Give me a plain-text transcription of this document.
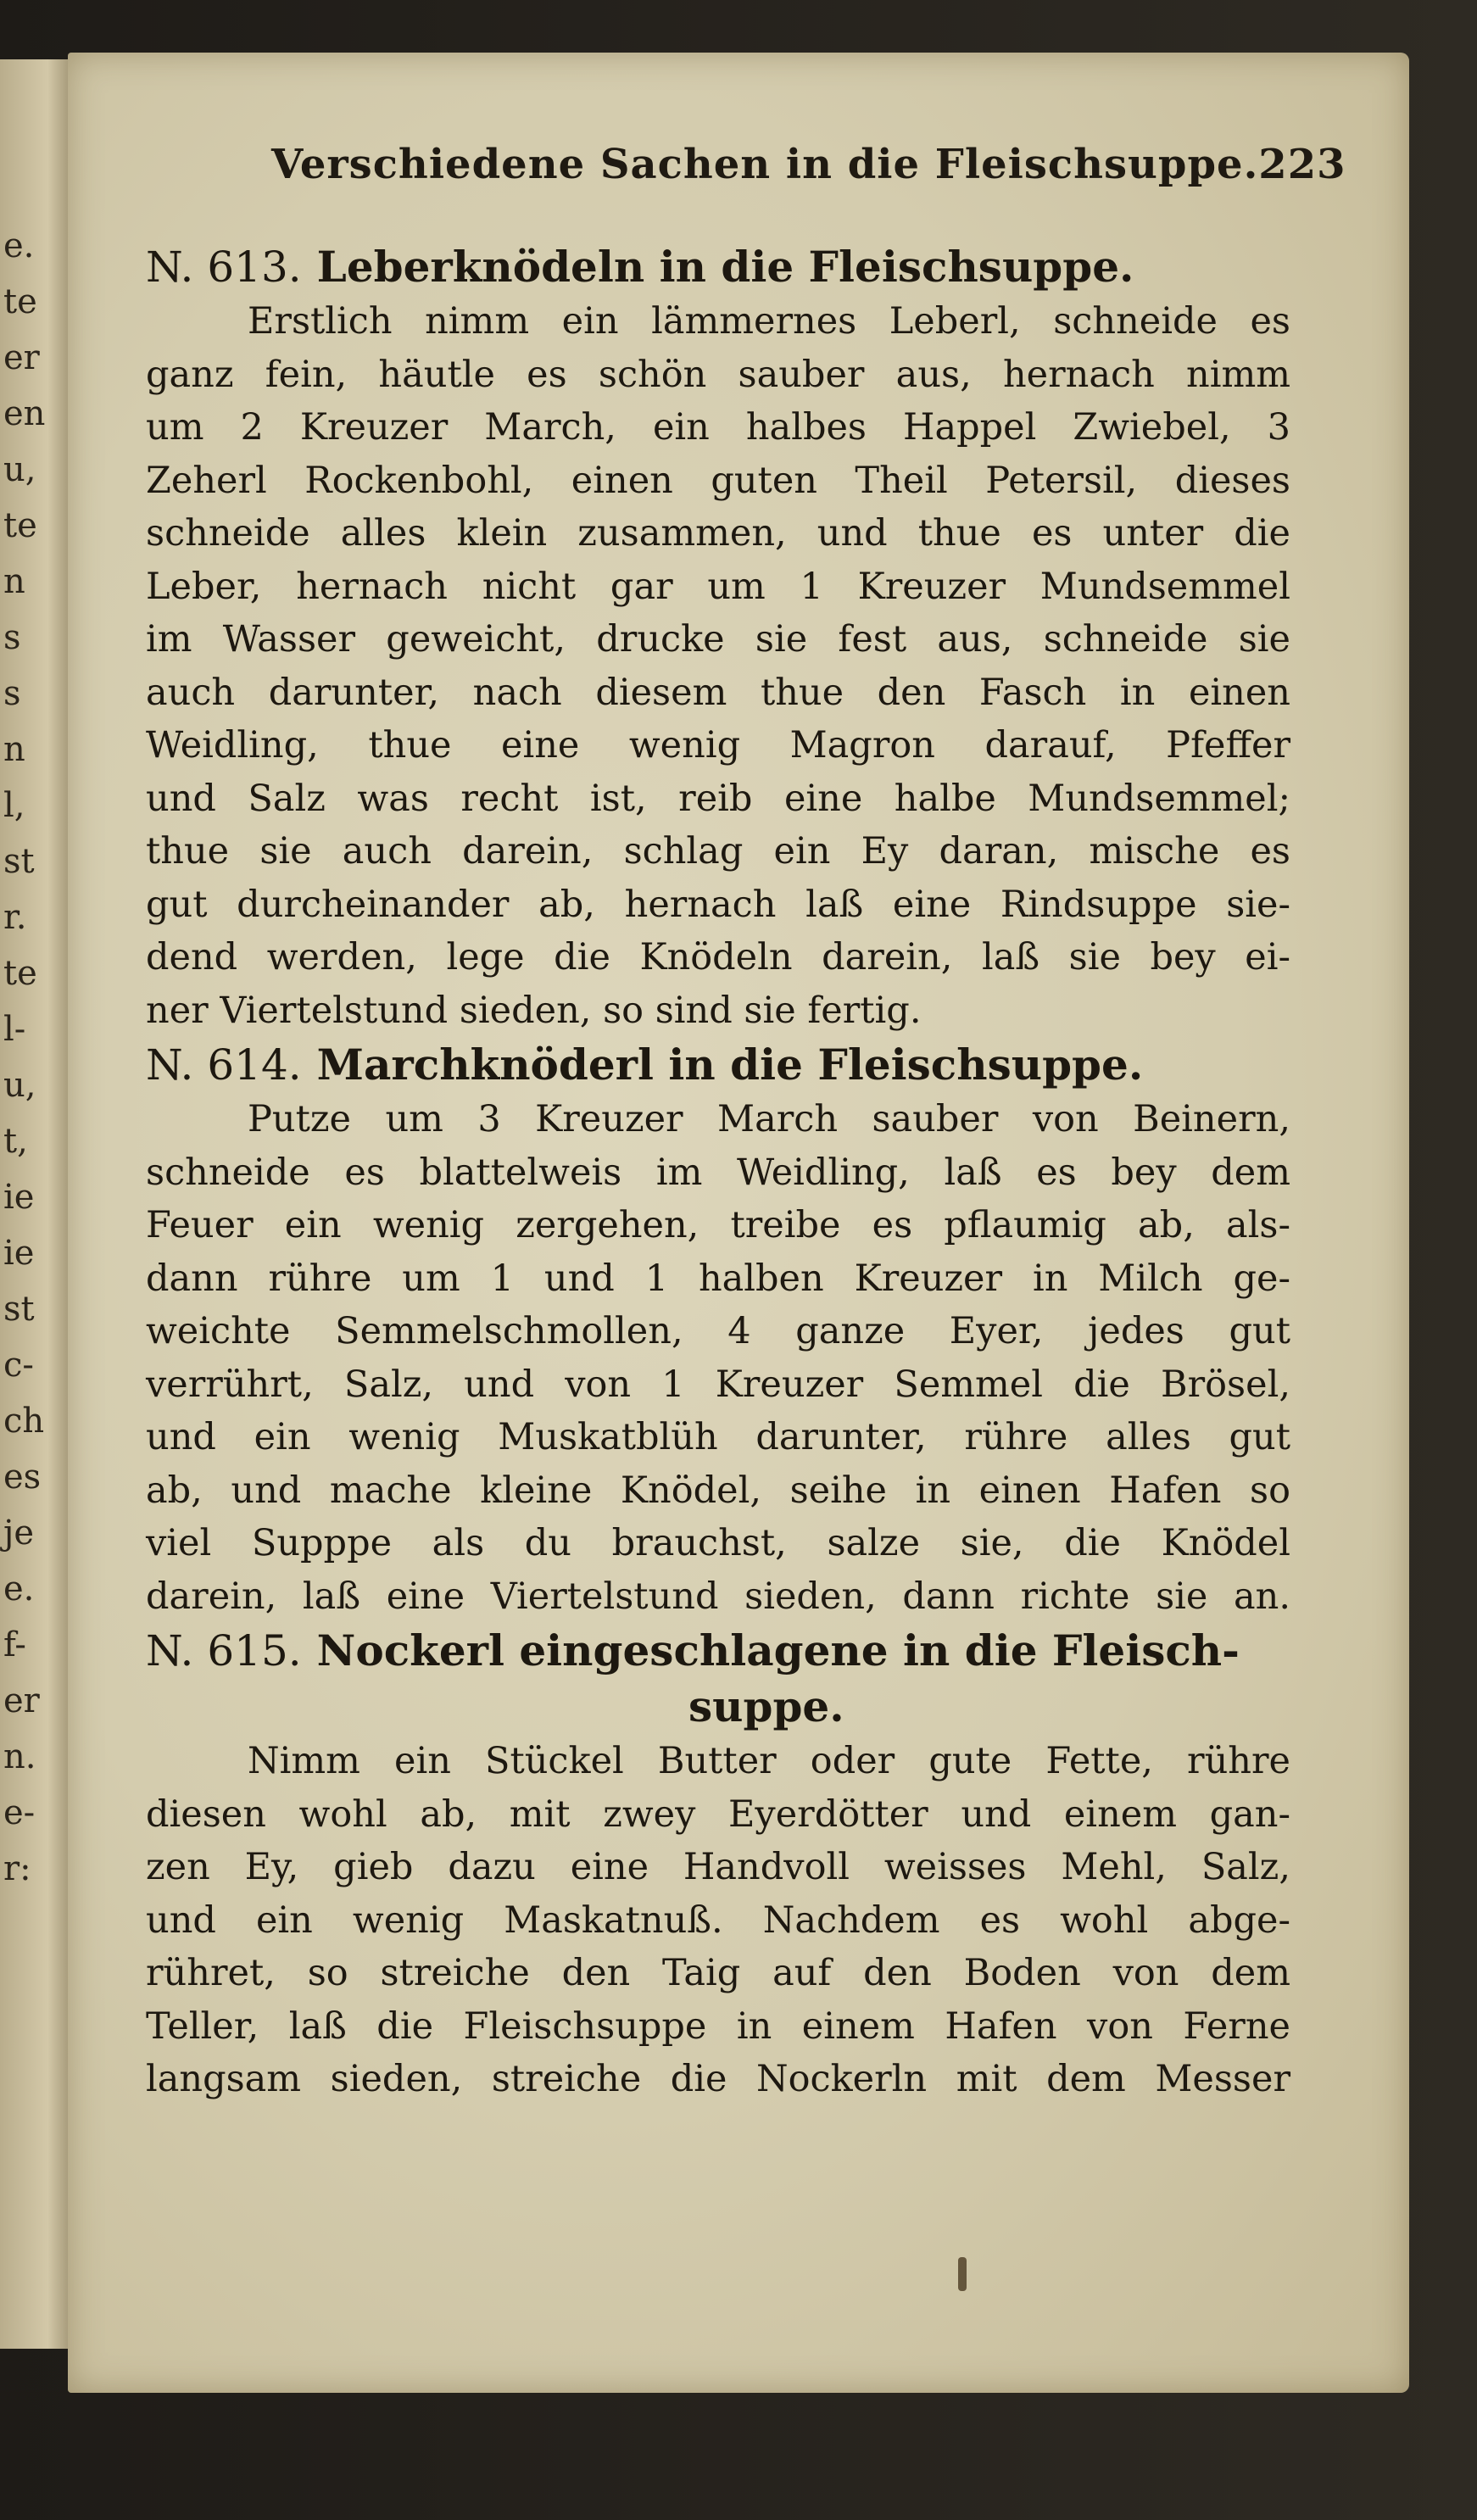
e.
te
er
en
u,
te
n
s
s
n
l,
st
r.
te
l-
u,
t,
ie
ie
st
c-
ch
es
je
e.
f-
er
n.
e-
r:
Verschiedene Sachen in die Fleischsuppe. 223

N. 613. Leberknödeln in die Fleischsuppe.

Erstlich nimm ein lämmernes Leberl, schneide es
ganz fein, häutle es schön sauber aus, hernach nimm
um 2 Kreuzer March, ein halbes Happel Zwiebel, 3
Zeherl Rockenbohl, einen guten Theil Petersil, dieses
schneide alles klein zusammen, und thue es unter die
Leber, hernach nicht gar um 1 Kreuzer Mundsemmel
im Wasser geweicht, drucke sie fest aus, schneide sie
auch darunter, nach diesem thue den Fasch in einen
Weidling, thue eine wenig Magron darauf, Pfeffer
und Salz was recht ist, reib eine halbe Mundsemmel;
thue sie auch darein, schlag ein Ey daran, mische es
gut durcheinander ab, hernach laß eine Rindsuppe sie-
dend werden, lege die Knödeln darein, laß sie bey ei-
ner Viertelstund sieden, so sind sie fertig.

N. 614. Marchknöderl in die Fleischsuppe.

Putze um 3 Kreuzer March sauber von Beinern,
schneide es blattelweis im Weidling, laß es bey dem
Feuer ein wenig zergehen, treibe es pflaumig ab, als-
dann rühre um 1 und 1 halben Kreuzer in Milch ge-
weichte Semmelschmollen, 4 ganze Eyer, jedes gut
verrührt, Salz, und von 1 Kreuzer Semmel die Brösel,
und ein wenig Muskatblüh darunter, rühre alles gut
ab, und mache kleine Knödel, seihe in einen Hafen so
viel Supppe als du brauchst, salze sie, die Knödel
darein, laß eine Viertelstund sieden, dann richte sie an.

N. 615. Nockerl eingeschlagene in die Fleisch-

suppe.

Nimm ein Stückel Butter oder gute Fette, rühre
diesen wohl ab, mit zwey Eyerdötter und einem gan-
zen Ey, gieb dazu eine Handvoll weisses Mehl, Salz,
und ein wenig Maskatnuß. Nachdem es wohl abge-
rühret, so streiche den Taig auf den Boden von dem
Teller, laß die Fleischsuppe in einem Hafen von Ferne
langsam sieden, streiche die Nockerln mit dem Messer
